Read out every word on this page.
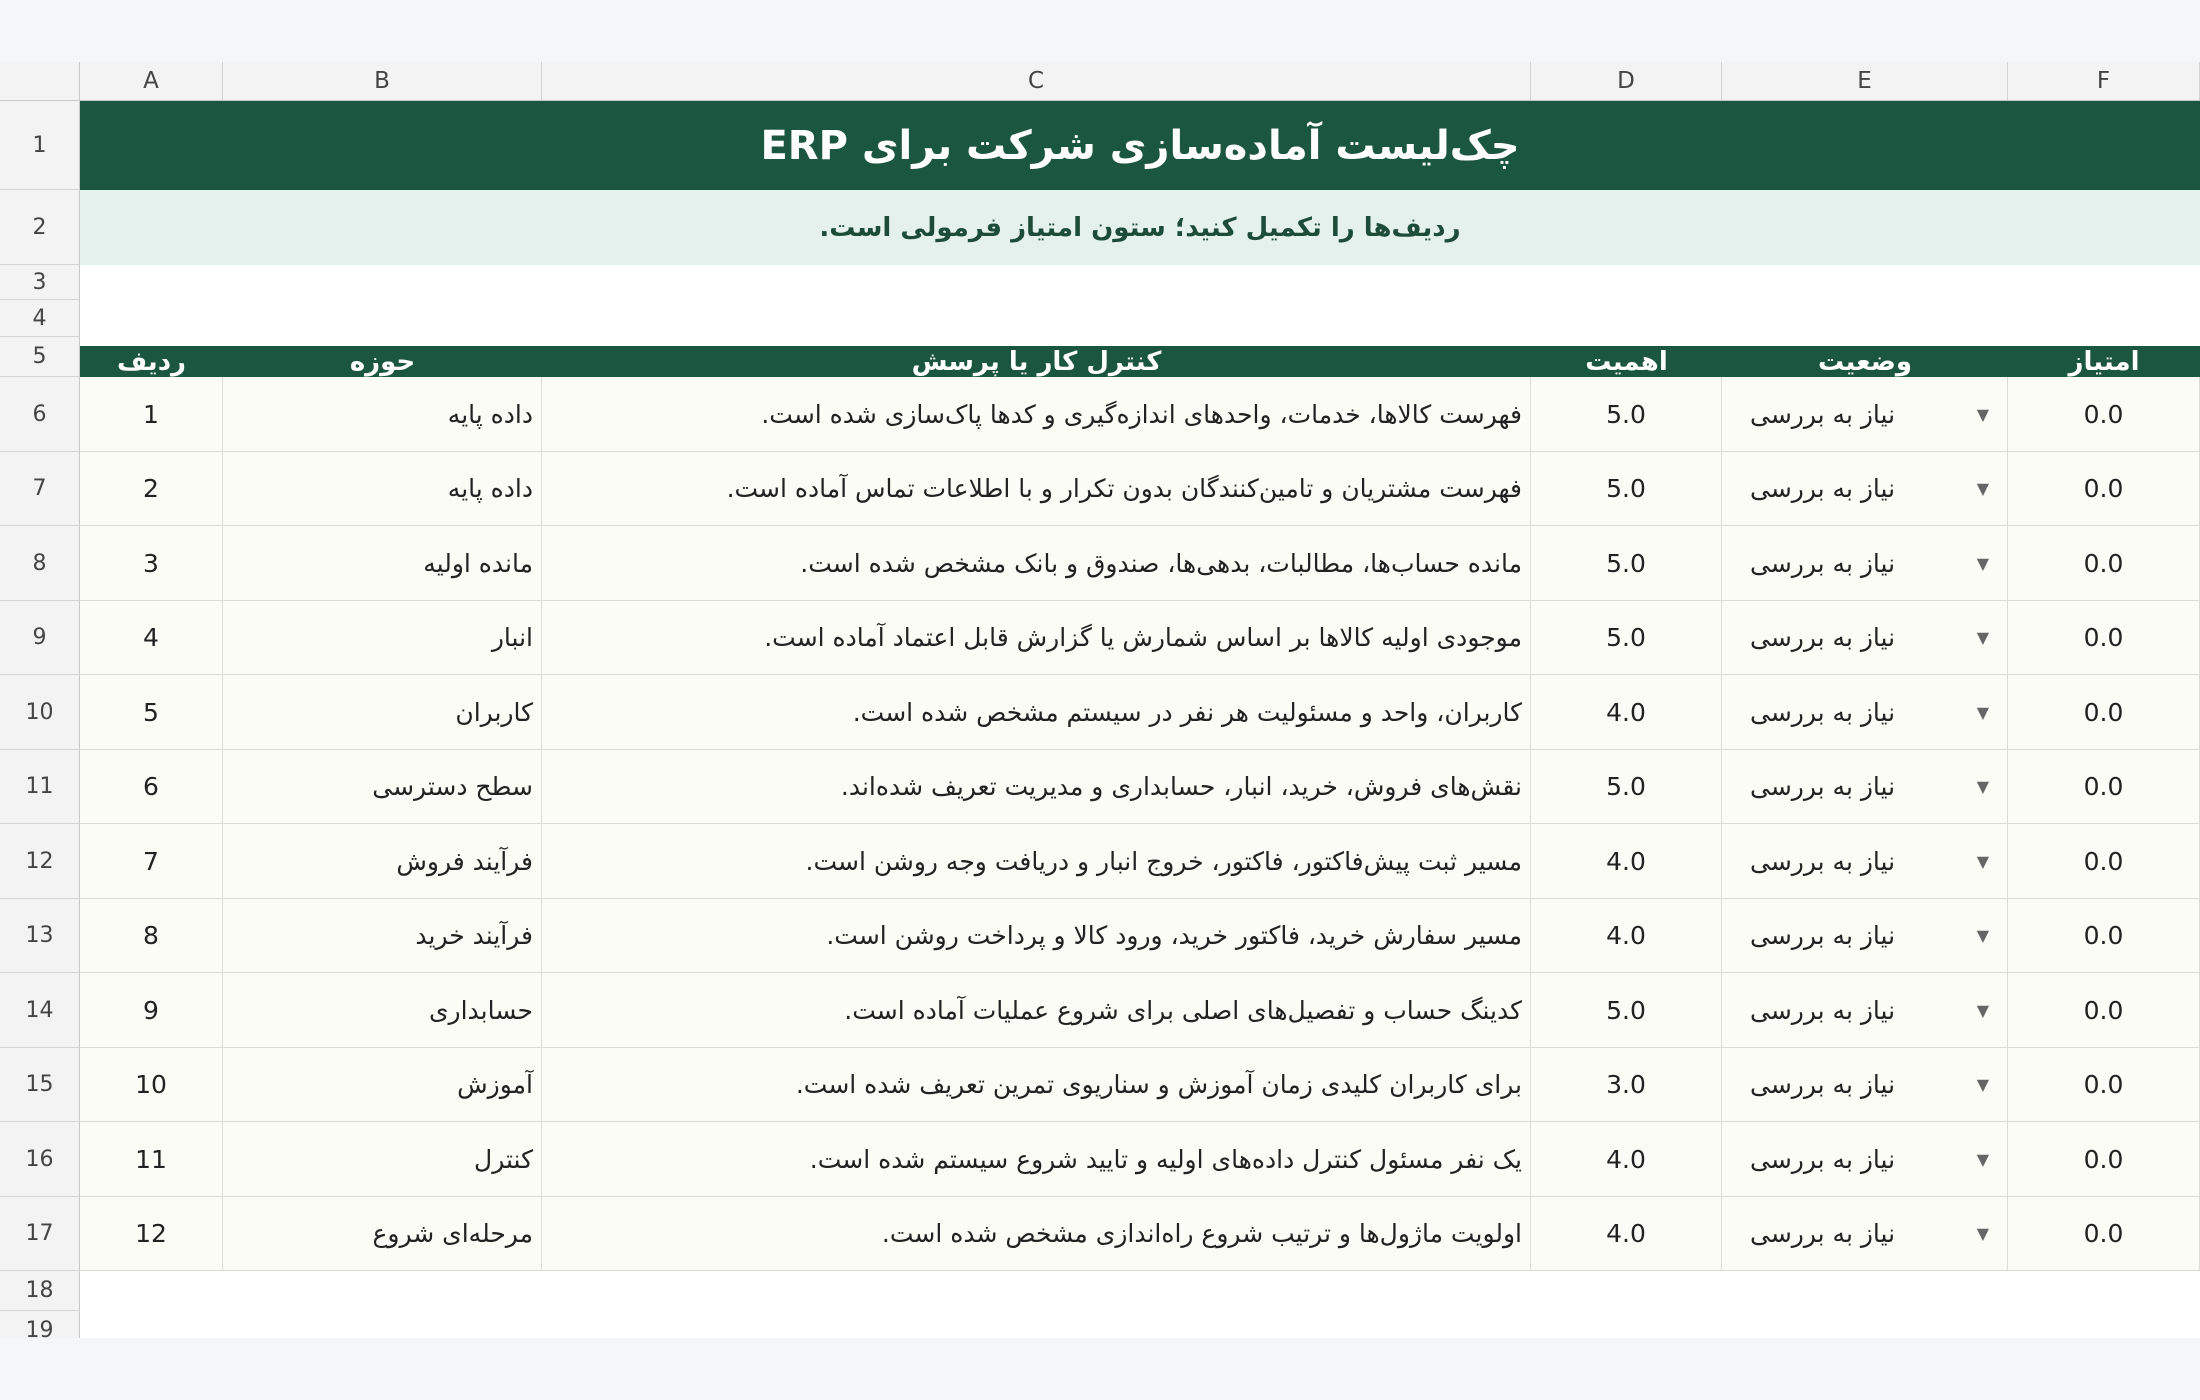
A	B	C	D	E	F
1
2
3
4
5
6
7
8
9
10
11
12
13
14
15
16
17
18
19
چک‌لیست آماده‌سازی شرکت برای ERP
ردیف‌ها را تکمیل کنید؛ ستون امتیاز فرمولی است.
ردیف	حوزه	کنترل کار یا پرسش	اهمیت	وضعیت	امتیاز
1	داده پایه	فهرست کالاها، خدمات، واحدهای اندازه‌گیری و کدها پاک‌سازی شده است.	5.0	نیاز به بررسی	▼	0.0
2	داده پایه	فهرست مشتریان و تامین‌کنندگان بدون تکرار و با اطلاعات تماس آماده است.	5.0	نیاز به بررسی	▼	0.0
3	مانده اولیه	مانده حساب‌ها، مطالبات، بدهی‌ها، صندوق و بانک مشخص شده است.	5.0	نیاز به بررسی	▼	0.0
4	انبار	موجودی اولیه کالاها بر اساس شمارش یا گزارش قابل اعتماد آماده است.	5.0	نیاز به بررسی	▼	0.0
5	کاربران	کاربران، واحد و مسئولیت هر نفر در سیستم مشخص شده است.	4.0	نیاز به بررسی	▼	0.0
6	سطح دسترسی	نقش‌های فروش، خرید، انبار، حسابداری و مدیریت تعریف شده‌اند.	5.0	نیاز به بررسی	▼	0.0
7	فرآیند فروش	مسیر ثبت پیش‌فاکتور، فاکتور، خروج انبار و دریافت وجه روشن است.	4.0	نیاز به بررسی	▼	0.0
8	فرآیند خرید	مسیر سفارش خرید، فاکتور خرید، ورود کالا و پرداخت روشن است.	4.0	نیاز به بررسی	▼	0.0
9	حسابداری	کدینگ حساب و تفصیل‌های اصلی برای شروع عملیات آماده است.	5.0	نیاز به بررسی	▼	0.0
10	آموزش	برای کاربران کلیدی زمان آموزش و سناریوی تمرین تعریف شده است.	3.0	نیاز به بررسی	▼	0.0
11	کنترل	یک نفر مسئول کنترل داده‌های اولیه و تایید شروع سیستم شده است.	4.0	نیاز به بررسی	▼	0.0
12	مرحله‌ای شروع	اولویت ماژول‌ها و ترتیب شروع راه‌اندازی مشخص شده است.	4.0	نیاز به بررسی	▼	0.0
